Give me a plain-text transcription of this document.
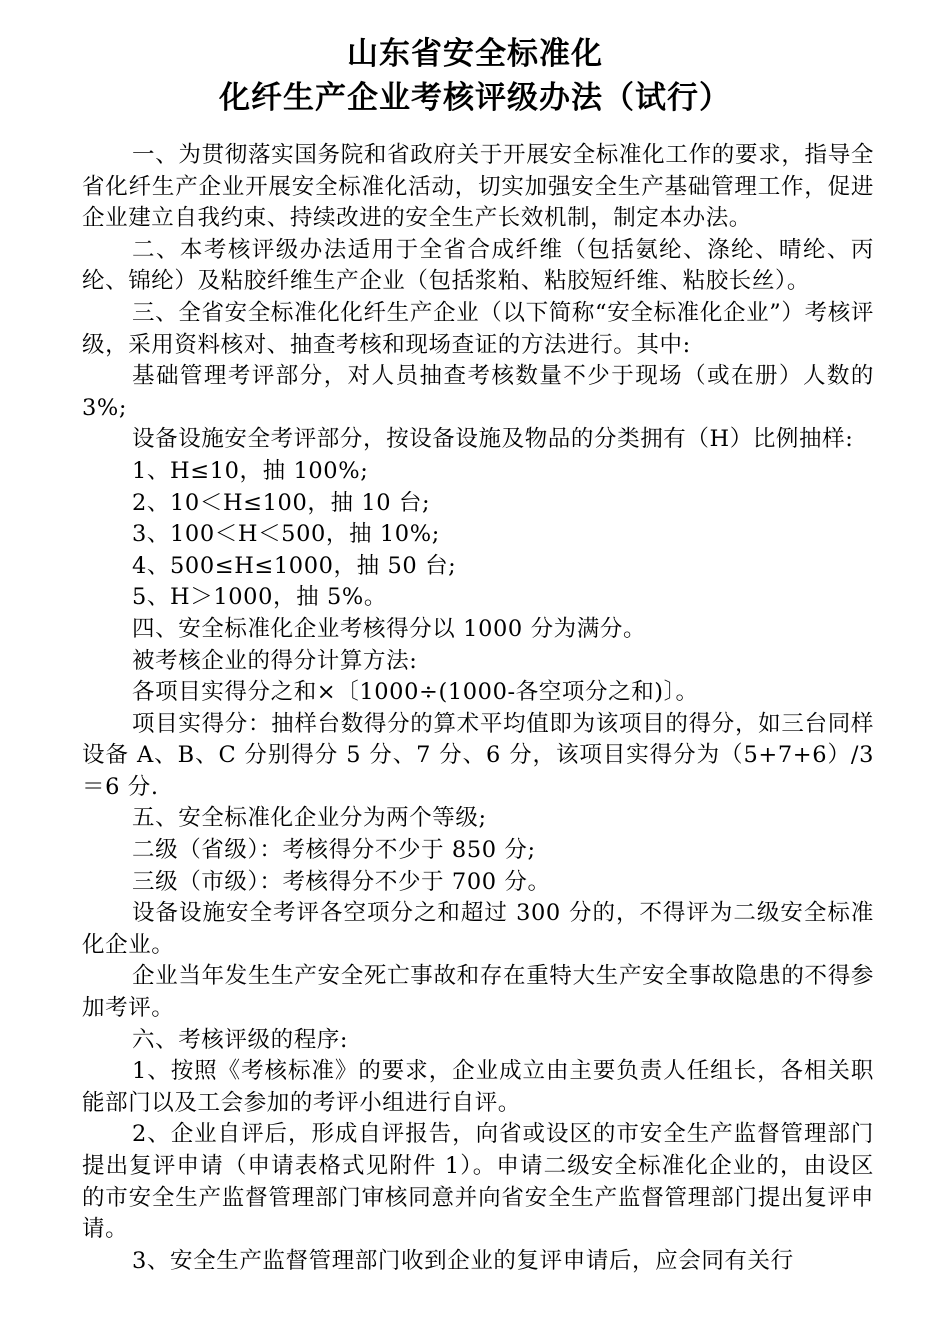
山东省安全标准化
化纤生产企业考核评级办法（试行）

一、为贯彻落实国务院和省政府关于开展安全标准化工作的要求，指导全省化纤生产企业开展安全标准化活动，切实加强安全生产基础管理工作，促进企业建立自我约束、持续改进的安全生产长效机制，制定本办法。

二、本考核评级办法适用于全省合成纤维（包括氨纶、涤纶、晴纶、丙纶、锦纶）及粘胶纤维生产企业（包括浆粕、粘胶短纤维、粘胶长丝）。

三、全省安全标准化化纤生产企业（以下简称“安全标准化企业”）考核评级，采用资料核对、抽查考核和现场查证的方法进行。其中:

基础管理考评部分，对人员抽查考核数量不少于现场（或在册）人数的 3%;

设备设施安全考评部分，按设备设施及物品的分类拥有（H）比例抽样:

1、H≤10，抽 100%;

2、10＜H≤100，抽 10 台;

3、100＜H＜500，抽 10%;

4、500≤H≤1000，抽 50 台;

5、H＞1000，抽 5%。

四、安全标准化企业考核得分以 1000 分为满分。

被考核企业的得分计算方法:

各项目实得分之和×〔1000÷(1000-各空项分之和)〕。

项目实得分：抽样台数得分的算术平均值即为该项目的得分，如三台同样设备 A、B、C 分别得分 5 分、7 分、6 分，该项目实得分为（5+7+6）/3＝6 分.

五、安全标准化企业分为两个等级;

二级（省级）：考核得分不少于 850 分;

三级（市级）：考核得分不少于 700 分。

设备设施安全考评各空项分之和超过 300 分的，不得评为二级安全标准化企业。

企业当年发生生产安全死亡事故和存在重特大生产安全事故隐患的不得参加考评。

六、考核评级的程序:

1、按照《考核标准》的要求，企业成立由主要负责人任组长，各相关职能部门以及工会参加的考评小组进行自评。

2、企业自评后，形成自评报告，向省或设区的市安全生产监督管理部门提出复评申请（申请表格式见附件 1）。申请二级安全标准化企业的，由设区的市安全生产监督管理部门审核同意并向省安全生产监督管理部门提出复评申请。

3、安全生产监督管理部门收到企业的复评申请后，应会同有关行
